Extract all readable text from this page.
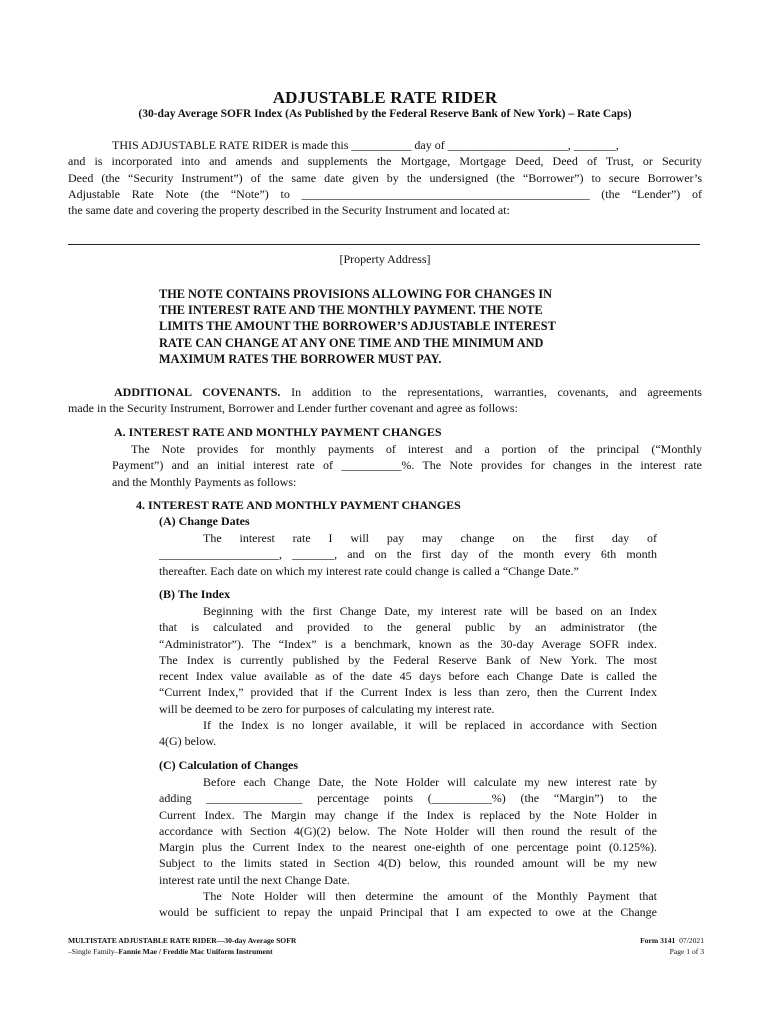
ADJUSTABLE RATE RIDER
(30-day Average SOFR Index (As Published by the Federal Reserve Bank of New York) – Rate Caps)
THIS ADJUSTABLE RATE RIDER is made this __________ day of ____________________, _______,
and is incorporated into and amends and supplements the Mortgage, Mortgage Deed, Deed of Trust, or Security
Deed (the “Security Instrument”) of the same date given by the undersigned (the “Borrower”) to secure Borrower’s
Adjustable Rate Note (the “Note”) to ________________________________________________ (the “Lender”) of
the same date and covering the property described in the Security Instrument and located at:
[Property Address]
THE NOTE CONTAINS PROVISIONS ALLOWING FOR CHANGES IN
THE INTEREST RATE AND THE MONTHLY PAYMENT. THE NOTE
LIMITS THE AMOUNT THE BORROWER’S ADJUSTABLE INTEREST
RATE CAN CHANGE AT ANY ONE TIME AND THE MINIMUM AND
MAXIMUM RATES THE BORROWER MUST PAY.
ADDITIONAL COVENANTS. In addition to the representations, warranties, covenants, and agreements
made in the Security Instrument, Borrower and Lender further covenant and agree as follows:
A. INTEREST RATE AND MONTHLY PAYMENT CHANGES
The Note provides for monthly payments of interest and a portion of the principal (“Monthly
Payment”) and an initial interest rate of __________%. The Note provides for changes in the interest rate
and the Monthly Payments as follows:
4. INTEREST RATE AND MONTHLY PAYMENT CHANGES
(A) Change Dates
The interest rate I will pay may change on the first day of
____________________, _______, and on the first day of the month every 6th month
thereafter. Each date on which my interest rate could change is called a “Change Date.”
(B) The Index
Beginning with the first Change Date, my interest rate will be based on an Index
that is calculated and provided to the general public by an administrator (the
“Administrator”). The “Index” is a benchmark, known as the 30-day Average SOFR index.
The Index is currently published by the Federal Reserve Bank of New York. The most
recent Index value available as of the date 45 days before each Change Date is called the
“Current Index,” provided that if the Current Index is less than zero, then the Current Index
will be deemed to be zero for purposes of calculating my interest rate.
If the Index is no longer available, it will be replaced in accordance with Section
4(G) below.
(C) Calculation of Changes
Before each Change Date, the Note Holder will calculate my new interest rate by
adding ________________ percentage points (__________%) (the “Margin”) to the
Current Index. The Margin may change if the Index is replaced by the Note Holder in
accordance with Section 4(G)(2) below. The Note Holder will then round the result of the
Margin plus the Current Index to the nearest one-eighth of one percentage point (0.125%).
Subject to the limits stated in Section 4(D) below, this rounded amount will be my new
interest rate until the next Change Date.
The Note Holder will then determine the amount of the Monthly Payment that
would be sufficient to repay the unpaid Principal that I am expected to owe at the Change
MULTISTATE ADJUSTABLE RATE RIDER—30-day Average SOFR
–Single Family–Fannie Mae / Freddie Mac Uniform Instrument
Form 3141 07/2021
Page 1 of 3
